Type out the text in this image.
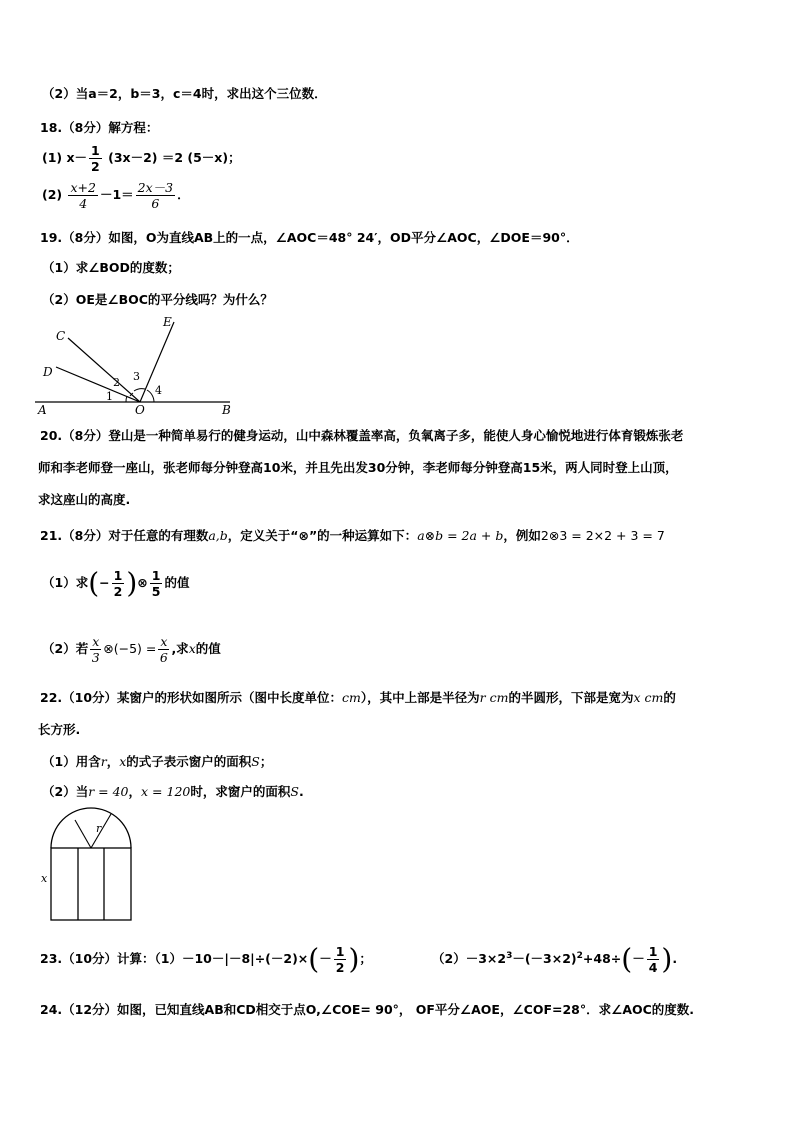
（2）当a＝2，b＝3，c＝4时，求出这个三位数．
18.（8分）解方程：
(1) $x- \frac{1}{2} (3x-2) =2$ (5－x)；
$(2) \frac{x+2}{4} -1= \frac{2x-3}{6}$ ．
19.（8分）如图，O为直线AB上的一点，∠AOC＝48° 24′，OD平分∠AOC，∠DOE＝90°．
（1）求∠BOD的度数；
（2）OE是∠BOC的平分线吗？为什么？
C
D
E
A	O	B
1
2 3
4
20.（8分）登山是一种简单易行的健身运动，山中森林覆盖率高，负氧离子多，能使人身心愉悦地进行体育锻炼张老
师和李老师登一座山，张老师每分钟登高10米，并且先出发30分钟，李老师每分钟登高15米，两人同时登上山顶，
求这座山的高度.
21.（8分）对于任意的有理数a,b，定义关于“⊗”的一种运算如下：a⊗b = 2a + b，例如2⊗3 = 2×2 + 3 = 7
（1）求(− $\frac{1}{2}$ )⊗ $\frac{1}{5}$ 的值
（2）若 $\frac{x}{3}$ ⊗(−5) = $\frac{x}{6}$ ,求x的值
22.（10分）某窗户的形状如图所示（图中长度单位：cm），其中上部是半径为r cm的半圆形，下部是宽为x cm的
长方形.
（1）用含r，x的式子表示窗户的面积S；
（2）当r = 40，x = 120时，求窗户的面积S.
r
x
23.（10分）计算：$(1)-10-|-8|\div(-2)\times(- \frac{1}{2}$ )；	$(2)-3\times 2^3-(-3\times 2)^2+48\div(- \frac{1}{4}$ ).
24.（12分）如图，已知直线AB和CD相交于点O,∠COE= 90°， OF平分∠AOE，∠COF=28°．求∠AOC的度数.
